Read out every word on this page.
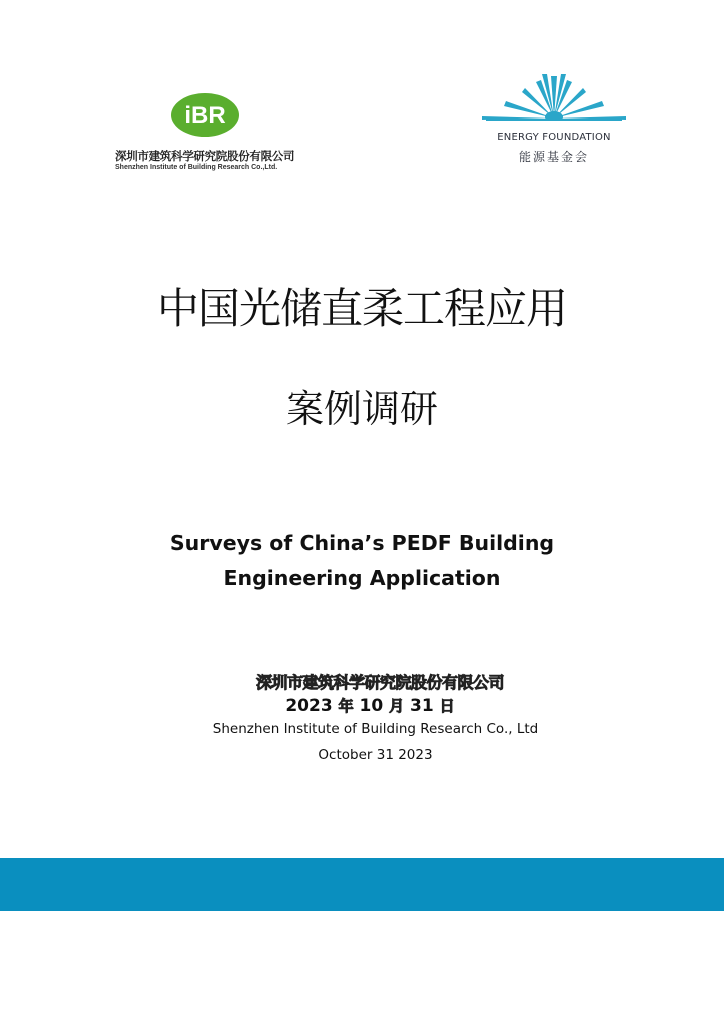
iBR
深圳市建筑科学研究院股份有限公司
Shenzhen Institute of Building Research Co.,Ltd.
ENERGY FOUNDATION
能源基金会
中国光储直柔工程应用
案例调研
Surveys of China’s PEDF Building
Engineering Application
深圳市建筑科学研究院股份有限公司
2023 年 10 月 31 日
Shenzhen Institute of Building Research Co., Ltd
October 31 2023
